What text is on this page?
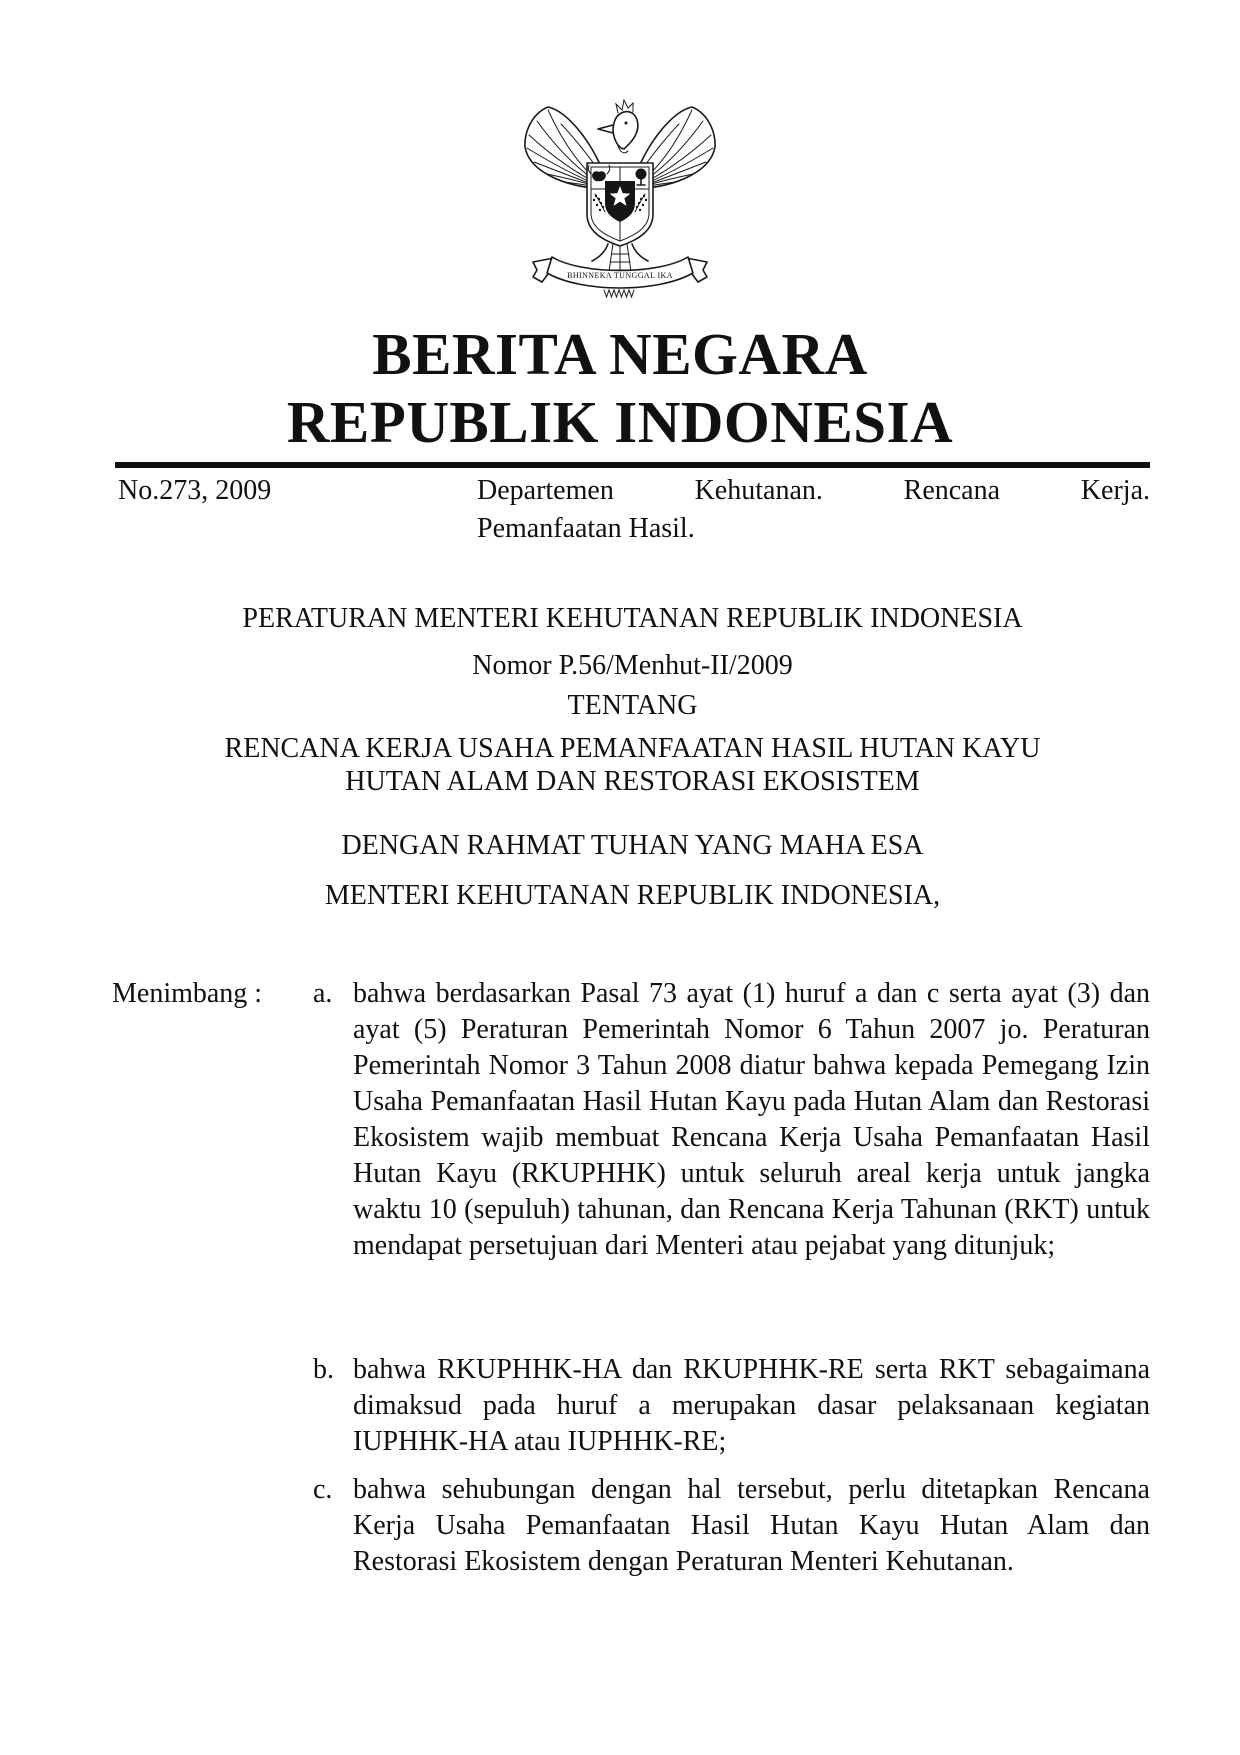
BHINNEKA TUNGGAL IKA
BERITA NEGARA
REPUBLIK INDONESIA
No.273, 2009	Departemen Kehutanan. Rencana Kerja.
Pemanfaatan Hasil.
PERATURAN MENTERI KEHUTANAN REPUBLIK INDONESIA
Nomor P.56/Menhut-II/2009
TENTANG
RENCANA KERJA USAHA PEMANFAATAN HASIL HUTAN KAYU
HUTAN ALAM DAN RESTORASI EKOSISTEM
DENGAN RAHMAT TUHAN YANG MAHA ESA
MENTERI KEHUTANAN REPUBLIK INDONESIA,
Menimbang : a. bahwa berdasarkan Pasal 73 ayat (1) huruf a dan c serta ayat (3) dan ayat (5) Peraturan Pemerintah Nomor 6 Tahun 2007 jo. Peraturan Pemerintah Nomor 3 Tahun 2008 diatur bahwa kepada Pemegang Izin Usaha Pemanfaatan Hasil Hutan Kayu pada Hutan Alam dan Restorasi Ekosistem wajib membuat Rencana Kerja Usaha Pemanfaatan Hasil Hutan Kayu (RKUPHHK) untuk seluruh areal kerja untuk jangka waktu 10 (sepuluh) tahunan, dan Rencana Kerja Tahunan (RKT) untuk mendapat persetujuan dari Menteri atau pejabat yang ditunjuk;
b. bahwa RKUPHHK-HA dan RKUPHHK-RE serta RKT sebagaimana dimaksud pada huruf a merupakan dasar pelaksanaan kegiatan IUPHHK-HA atau IUPHHK-RE;
c. bahwa sehubungan dengan hal tersebut, perlu ditetapkan Rencana Kerja Usaha Pemanfaatan Hasil Hutan Kayu Hutan Alam dan Restorasi Ekosistem dengan Peraturan Menteri Kehutanan.
